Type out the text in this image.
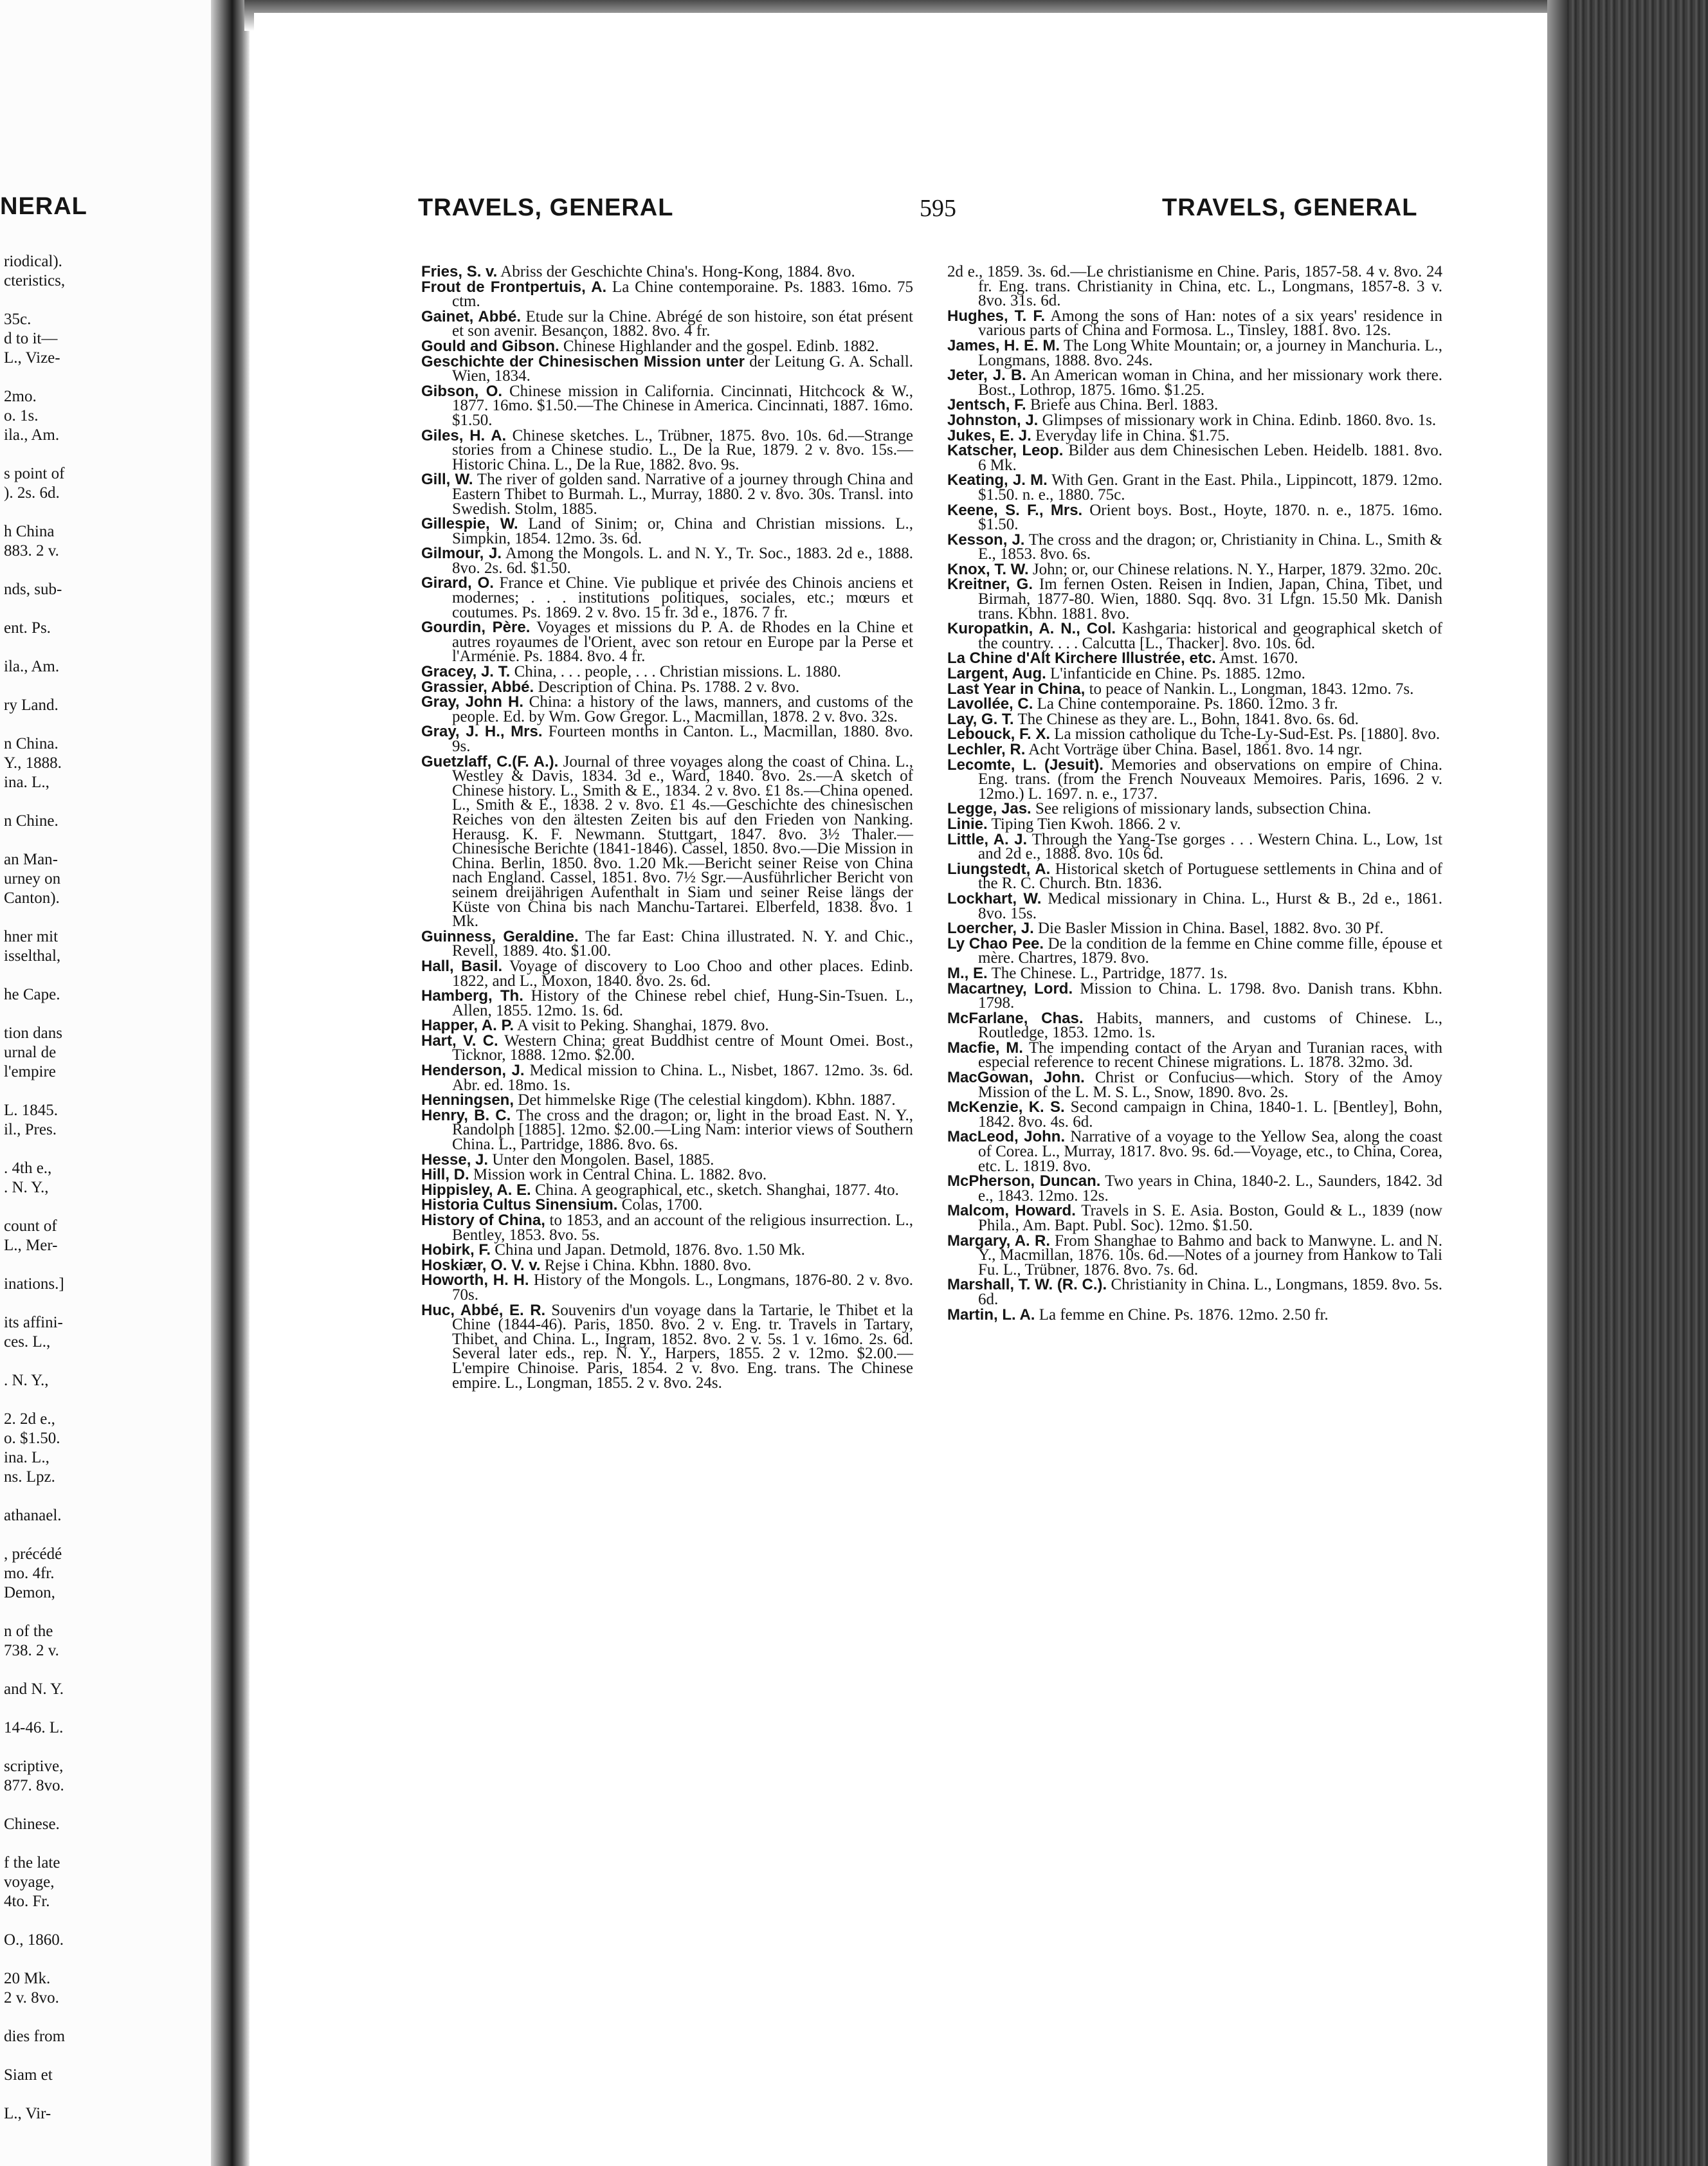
NERAL
riodical).
cteristics,
35c.
d to it—
L., Vize-
2mo.
o. 1s.
ila., Am.
s point of
). 2s. 6d.
h China
883. 2 v.
nds, sub-
ent. Ps.
ila., Am.
ry Land.
n China.
Y., 1888.
ina. L.,
n Chine.
an Man-
urney on
Canton).
hner mit
isselthal,
he Cape.
tion dans
urnal de
l'empire
L. 1845.
il., Pres.
. 4th e.,
. N. Y.,
count of
L., Mer-
inations.]
its affini-
ces. L.,
. N. Y.,
2. 2d e.,
o. $1.50.
ina. L.,
ns. Lpz.
athanael.
, précédé
mo. 4fr.
Demon,
n of the
738. 2 v.
and N. Y.
14-46. L.
scriptive,
877. 8vo.
Chinese.
f the late
voyage,
4to. Fr.
O., 1860.
20 Mk.
2 v. 8vo.
dies from
Siam et
L., Vir-
TRAVELS, GENERAL	595	TRAVELS, GENERAL
Fries, S. v. Abriss der Geschichte China's. Hong-Kong, 1884. 8vo.
Frout de Frontpertuis, A. La Chine contemporaine. Ps. 1883. 16mo. 75 ctm.
Gainet, Abbé. Etude sur la Chine. Abrégé de son histoire, son état présent et son avenir. Besançon, 1882. 8vo. 4 fr.
Gould and Gibson. Chinese Highlander and the gospel. Edinb. 1882.
Geschichte der Chinesischen Mission unter der Leitung G. A. Schall. Wien, 1834.
Gibson, O. Chinese mission in California. Cincinnati, Hitchcock & W., 1877. 16mo. $1.50.—The Chinese in America. Cincinnati, 1887. 16mo. $1.50.
Giles, H. A. Chinese sketches. L., Trübner, 1875. 8vo. 10s. 6d.—Strange stories from a Chinese studio. L., De la Rue, 1879. 2 v. 8vo. 15s.—Historic China. L., De la Rue, 1882. 8vo. 9s.
Gill, W. The river of golden sand. Narrative of a journey through China and Eastern Thibet to Burmah. L., Murray, 1880. 2 v. 8vo. 30s. Transl. into Swedish. Stolm, 1885.
Gillespie, W. Land of Sinim; or, China and Christian missions. L., Simpkin, 1854. 12mo. 3s. 6d.
Gilmour, J. Among the Mongols. L. and N. Y., Tr. Soc., 1883. 2d e., 1888. 8vo. 2s. 6d. $1.50.
Girard, O. France et Chine. Vie publique et privée des Chinois anciens et modernes; . . . institutions politiques, sociales, etc.; mœurs et coutumes. Ps. 1869. 2 v. 8vo. 15 fr. 3d e., 1876. 7 fr.
Gourdin, Père. Voyages et missions du P. A. de Rhodes en la Chine et autres royaumes de l'Orient, avec son retour en Europe par la Perse et l'Arménie. Ps. 1884. 8vo. 4 fr.
Gracey, J. T. China, . . . people, . . . Christian missions. L. 1880.
Grassier, Abbé. Description of China. Ps. 1788. 2 v. 8vo.
Gray, John H. China: a history of the laws, manners, and customs of the people. Ed. by Wm. Gow Gregor. L., Macmillan, 1878. 2 v. 8vo. 32s.
Gray, J. H., Mrs. Fourteen months in Canton. L., Macmillan, 1880. 8vo. 9s.
Guetzlaff, C.(F. A.). Journal of three voyages along the coast of China. L., Westley & Davis, 1834. 3d e., Ward, 1840. 8vo. 2s.—A sketch of Chinese history. L., Smith & E., 1834. 2 v. 8vo. £1 8s.—China opened. L., Smith & E., 1838. 2 v. 8vo. £1 4s.—Geschichte des chinesischen Reiches von den ältesten Zeiten bis auf den Frieden von Nanking. Herausg. K. F. Newmann. Stuttgart, 1847. 8vo. 3½ Thaler.—Chinesische Berichte (1841-1846). Cassel, 1850. 8vo.—Die Mission in China. Berlin, 1850. 8vo. 1.20 Mk.—Bericht seiner Reise von China nach England. Cassel, 1851. 8vo. 7½ Sgr.—Ausführlicher Bericht von seinem dreijährigen Aufenthalt in Siam und seiner Reise längs der Küste von China bis nach Manchu-Tartarei. Elberfeld, 1838. 8vo. 1 Mk.
Guinness, Geraldine. The far East: China illustrated. N. Y. and Chic., Revell, 1889. 4to. $1.00.
Hall, Basil. Voyage of discovery to Loo Choo and other places. Edinb. 1822, and L., Moxon, 1840. 8vo. 2s. 6d.
Hamberg, Th. History of the Chinese rebel chief, Hung-Sin-Tsuen. L., Allen, 1855. 12mo. 1s. 6d.
Happer, A. P. A visit to Peking. Shanghai, 1879. 8vo.
Hart, V. C. Western China; great Buddhist centre of Mount Omei. Bost., Ticknor, 1888. 12mo. $2.00.
Henderson, J. Medical mission to China. L., Nisbet, 1867. 12mo. 3s. 6d. Abr. ed. 18mo. 1s.
Henningsen, Det himmelske Rige (The celestial kingdom). Kbhn. 1887.
Henry, B. C. The cross and the dragon; or, light in the broad East. N. Y., Randolph [1885]. 12mo. $2.00.—Ling Nam: interior views of Southern China. L., Partridge, 1886. 8vo. 6s.
Hesse, J. Unter den Mongolen. Basel, 1885.
Hill, D. Mission work in Central China. L. 1882. 8vo.
Hippisley, A. E. China. A geographical, etc., sketch. Shanghai, 1877. 4to.
Historia Cultus Sinensium. Colas, 1700.
History of China, to 1853, and an account of the religious insurrection. L., Bentley, 1853. 8vo. 5s.
Hobirk, F. China und Japan. Detmold, 1876. 8vo. 1.50 Mk.
Hoskiær, O. V. v. Rejse i China. Kbhn. 1880. 8vo.
Howorth, H. H. History of the Mongols. L., Longmans, 1876-80. 2 v. 8vo. 70s.
Huc, Abbé, E. R. Souvenirs d'un voyage dans la Tartarie, le Thibet et la Chine (1844-46). Paris, 1850. 8vo. 2 v. Eng. tr. Travels in Tartary, Thibet, and China. L., Ingram, 1852. 8vo. 2 v. 5s. 1 v. 16mo. 2s. 6d. Several later eds., rep. N. Y., Harpers, 1855. 2 v. 12mo. $2.00.—L'empire Chinoise. Paris, 1854. 2 v. 8vo. Eng. trans. The Chinese empire. L., Longman, 1855. 2 v. 8vo. 24s.
2d e., 1859. 3s. 6d.—Le christianisme en Chine. Paris, 1857-58. 4 v. 8vo. 24 fr. Eng. trans. Christianity in China, etc. L., Longmans, 1857-8. 3 v. 8vo. 31s. 6d.
Hughes, T. F. Among the sons of Han: notes of a six years' residence in various parts of China and Formosa. L., Tinsley, 1881. 8vo. 12s.
James, H. E. M. The Long White Mountain; or, a journey in Manchuria. L., Longmans, 1888. 8vo. 24s.
Jeter, J. B. An American woman in China, and her missionary work there. Bost., Lothrop, 1875. 16mo. $1.25.
Jentsch, F. Briefe aus China. Berl. 1883.
Johnston, J. Glimpses of missionary work in China. Edinb. 1860. 8vo. 1s.
Jukes, E. J. Everyday life in China. $1.75.
Katscher, Leop. Bilder aus dem Chinesischen Leben. Heidelb. 1881. 8vo. 6 Mk.
Keating, J. M. With Gen. Grant in the East. Phila., Lippincott, 1879. 12mo. $1.50. n. e., 1880. 75c.
Keene, S. F., Mrs. Orient boys. Bost., Hoyte, 1870. n. e., 1875. 16mo. $1.50.
Kesson, J. The cross and the dragon; or, Christianity in China. L., Smith & E., 1853. 8vo. 6s.
Knox, T. W. John; or, our Chinese relations. N. Y., Harper, 1879. 32mo. 20c.
Kreitner, G. Im fernen Osten. Reisen in Indien, Japan, China, Tibet, und Birmah, 1877-80. Wien, 1880. Sqq. 8vo. 31 Lfgn. 15.50 Mk. Danish trans. Kbhn. 1881. 8vo.
Kuropatkin, A. N., Col. Kashgaria: historical and geographical sketch of the country. . . . Calcutta [L., Thacker]. 8vo. 10s. 6d.
La Chine d'Alt Kirchere Illustrée, etc. Amst. 1670.
Largent, Aug. L'infanticide en Chine. Ps. 1885. 12mo.
Last Year in China, to peace of Nankin. L., Longman, 1843. 12mo. 7s.
Lavollée, C. La Chine contemporaine. Ps. 1860. 12mo. 3 fr.
Lay, G. T. The Chinese as they are. L., Bohn, 1841. 8vo. 6s. 6d.
Lebouck, F. X. La mission catholique du Tche-Ly-Sud-Est. Ps. [1880]. 8vo.
Lechler, R. Acht Vorträge über China. Basel, 1861. 8vo. 14 ngr.
Lecomte, L. (Jesuit). Memories and observations on empire of China. Eng. trans. (from the French Nouveaux Memoires. Paris, 1696. 2 v. 12mo.) L. 1697. n. e., 1737.
Legge, Jas. See religions of missionary lands, subsection China.
Linie. Tiping Tien Kwoh. 1866. 2 v.
Little, A. J. Through the Yang-Tse gorges . . . Western China. L., Low, 1st and 2d e., 1888. 8vo. 10s 6d.
Liungstedt, A. Historical sketch of Portuguese settlements in China and of the R. C. Church. Btn. 1836.
Lockhart, W. Medical missionary in China. L., Hurst & B., 2d e., 1861. 8vo. 15s.
Loercher, J. Die Basler Mission in China. Basel, 1882. 8vo. 30 Pf.
Ly Chao Pee. De la condition de la femme en Chine comme fille, épouse et mère. Chartres, 1879. 8vo.
M., E. The Chinese. L., Partridge, 1877. 1s.
Macartney, Lord. Mission to China. L. 1798. 8vo. Danish trans. Kbhn. 1798.
McFarlane, Chas. Habits, manners, and customs of Chinese. L., Routledge, 1853. 12mo. 1s.
Macfie, M. The impending contact of the Aryan and Turanian races, with especial reference to recent Chinese migrations. L. 1878. 32mo. 3d.
MacGowan, John. Christ or Confucius—which. Story of the Amoy Mission of the L. M. S. L., Snow, 1890. 8vo. 2s.
McKenzie, K. S. Second campaign in China, 1840-1. L. [Bentley], Bohn, 1842. 8vo. 4s. 6d.
MacLeod, John. Narrative of a voyage to the Yellow Sea, along the coast of Corea. L., Murray, 1817. 8vo. 9s. 6d.—Voyage, etc., to China, Corea, etc. L. 1819. 8vo.
McPherson, Duncan. Two years in China, 1840-2. L., Saunders, 1842. 3d e., 1843. 12mo. 12s.
Malcom, Howard. Travels in S. E. Asia. Boston, Gould & L., 1839 (now Phila., Am. Bapt. Publ. Soc). 12mo. $1.50.
Margary, A. R. From Shanghae to Bahmo and back to Manwyne. L. and N. Y., Macmillan, 1876. 10s. 6d.—Notes of a journey from Hankow to Tali Fu. L., Trübner, 1876. 8vo. 7s. 6d.
Marshall, T. W. (R. C.). Christianity in China. L., Longmans, 1859. 8vo. 5s. 6d.
Martin, L. A. La femme en Chine. Ps. 1876. 12mo. 2.50 fr.
